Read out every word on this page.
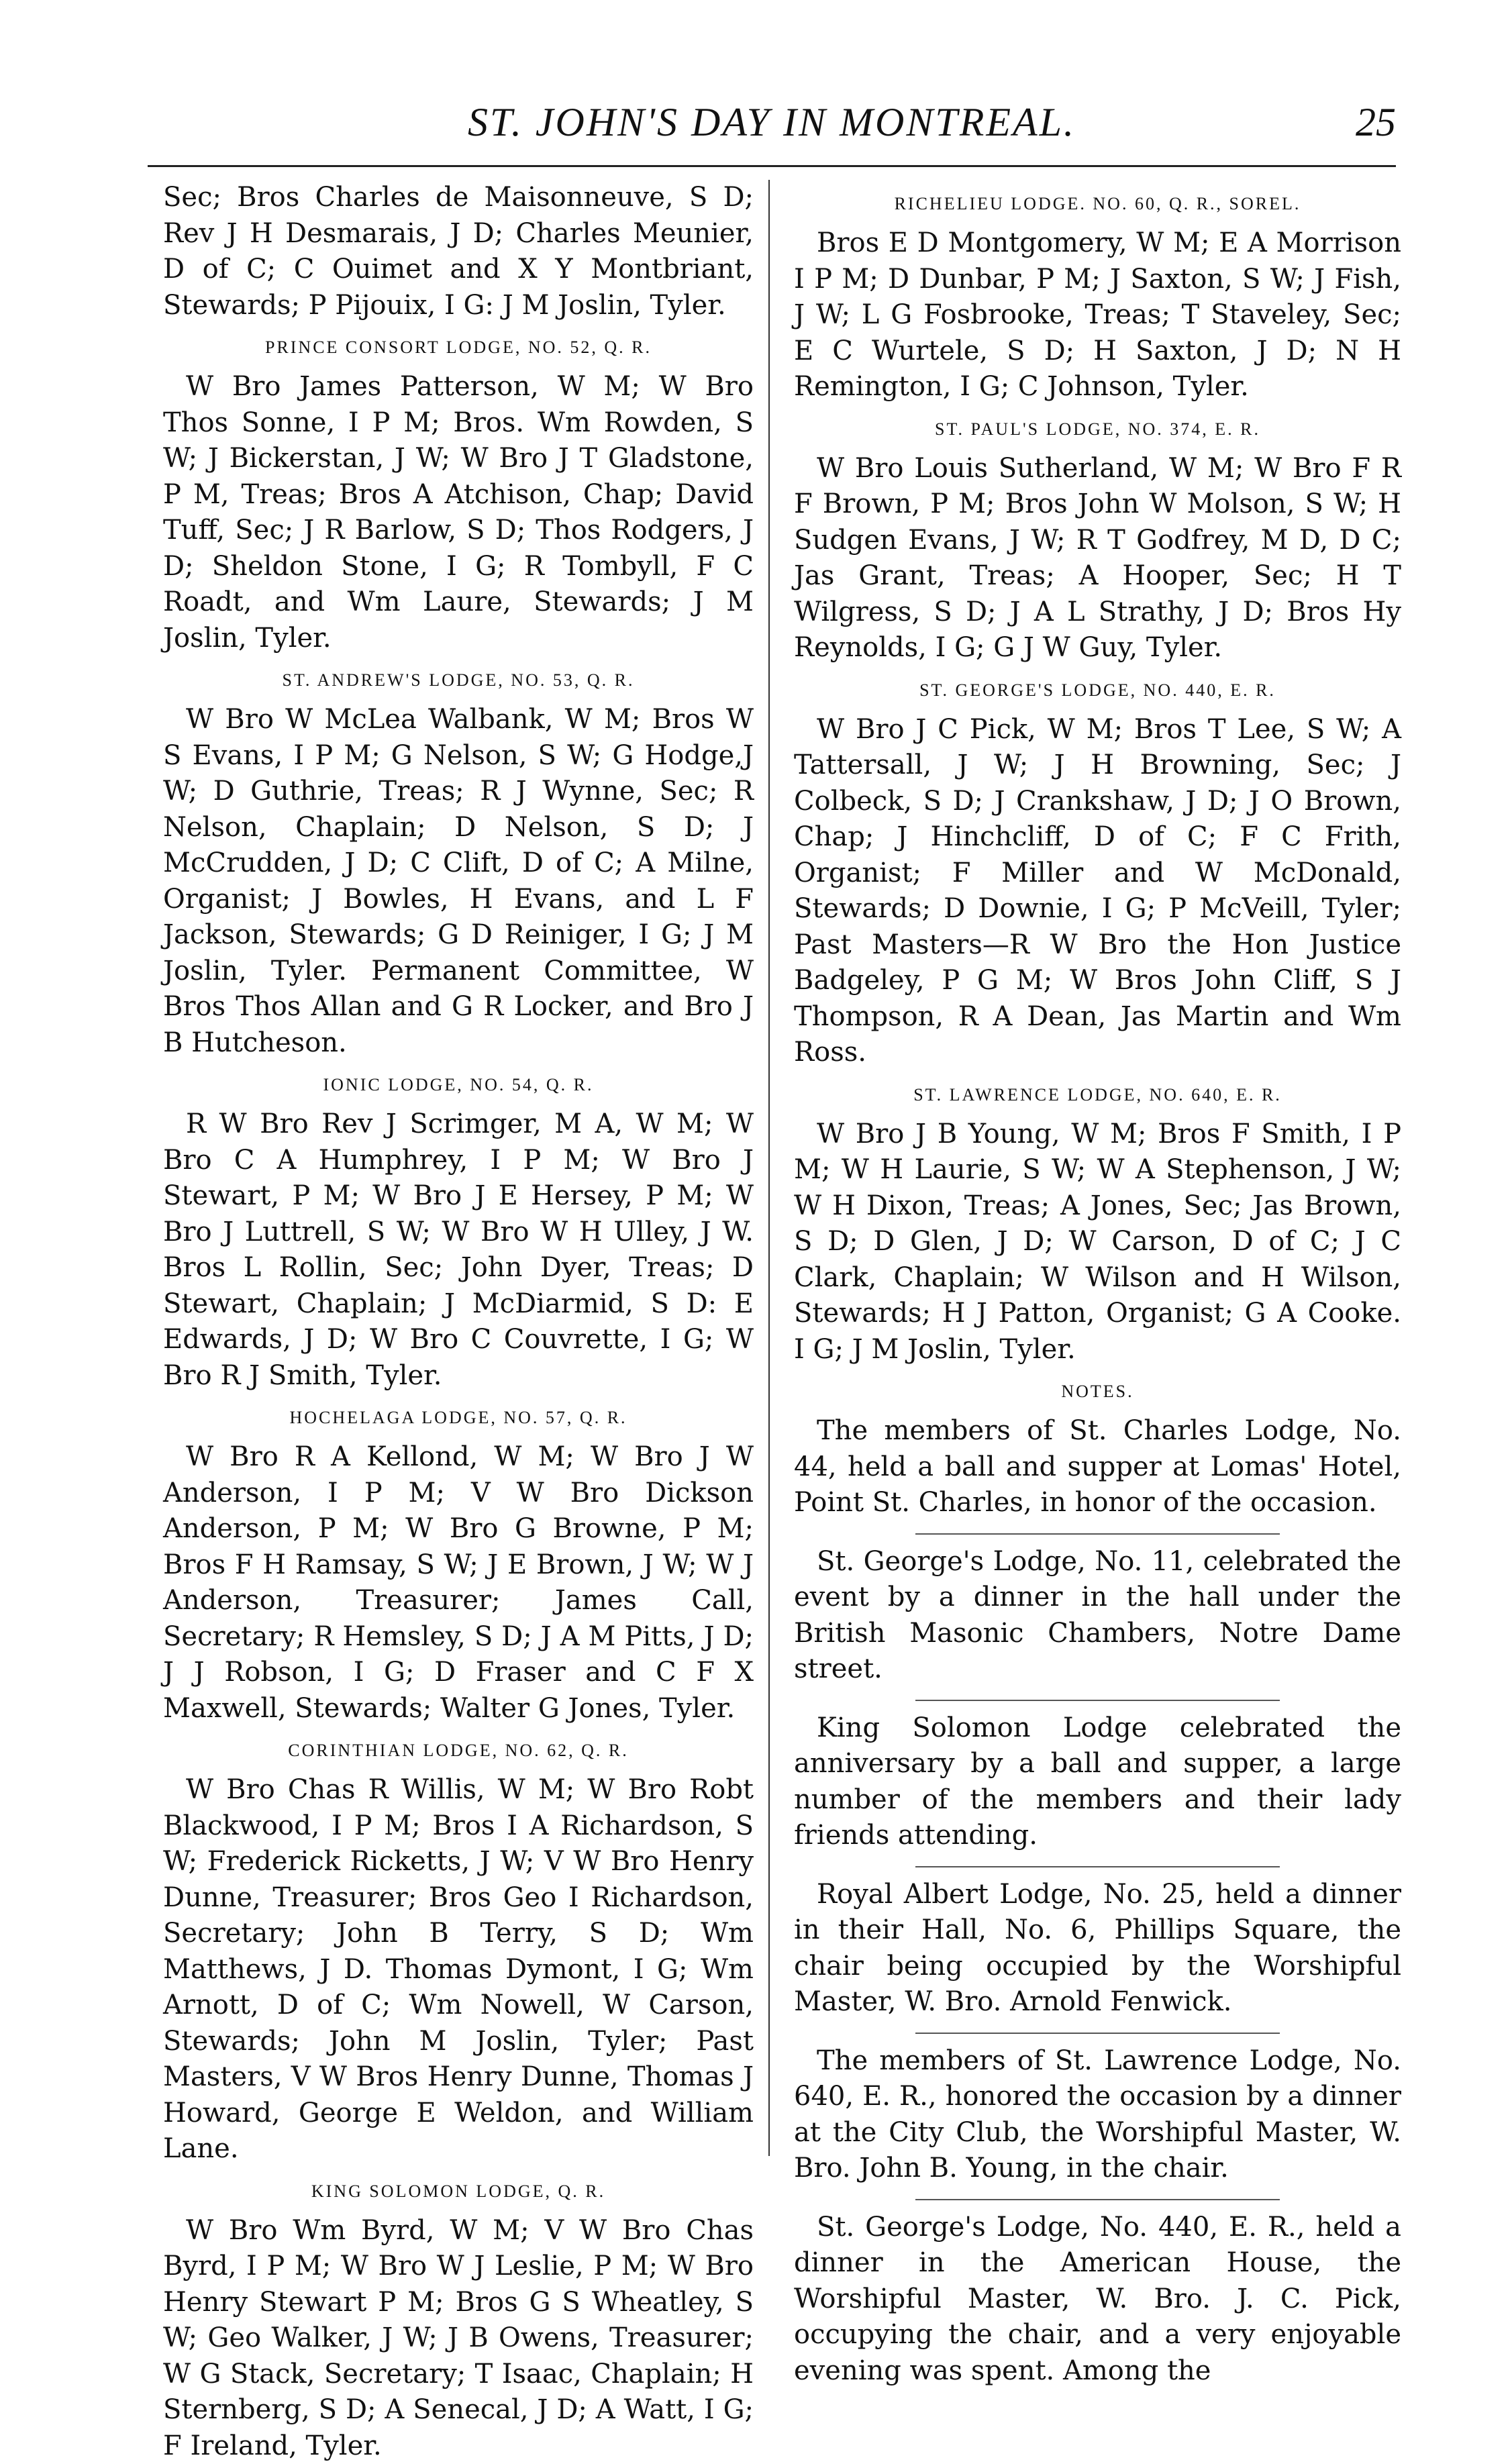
ST. JOHN'S DAY IN MONTREAL.	25

Sec; Bros Charles de Maisonneuve, S D; Rev J H Desmarais, J D; Charles Meunier, D of C; C Ouimet and X Y Montbriant, Stewards; P Pijouix, I G: J M Joslin, Tyler.

PRINCE CONSORT LODGE, NO. 52, Q. R.

W Bro James Patterson, W M; W Bro Thos Sonne, I P M; Bros. Wm Rowden, S W; J Bickerstan, J W; W Bro J T Gladstone, P M, Treas; Bros A Atchison, Chap; David Tuff, Sec; J R Barlow, S D; Thos Rodgers, J D; Sheldon Stone, I G; R Tombyll, F C Roadt, and Wm Laure, Stewards; J M Joslin, Tyler.

ST. ANDREW'S LODGE, NO. 53, Q. R.

W Bro W McLea Walbank, W M; Bros W S Evans, I P M; G Nelson, S W; G Hodge,J W; D Guthrie, Treas; R J Wynne, Sec; R Nelson, Chaplain; D Nelson, S D; J McCrudden, J D; C Clift, D of C; A Milne, Organist; J Bowles, H Evans, and L F Jackson, Stewards; G D Reiniger, I G; J M Joslin, Tyler. Permanent Committee, W Bros Thos Allan and G R Locker, and Bro J B Hutcheson.

IONIC LODGE, NO. 54, Q. R.

R W Bro Rev J Scrimger, M A, W M; W Bro C A Humphrey, I P M; W Bro J Stewart, P M; W Bro J E Hersey, P M; W Bro J Luttrell, S W; W Bro W H Ulley, J W. Bros L Rollin, Sec; John Dyer, Treas; D Stewart, Chaplain; J McDiarmid, S D: E Edwards, J D; W Bro C Couvrette, I G; W Bro R J Smith, Tyler.

HOCHELAGA LODGE, NO. 57, Q. R.

W Bro R A Kellond, W M; W Bro J W Anderson, I P M; V W Bro Dickson Anderson, P M; W Bro G Browne, P M; Bros F H Ramsay, S W; J E Brown, J W; W J Anderson, Treasurer; James Call, Secretary; R Hemsley, S D; J A M Pitts, J D; J J Robson, I G; D Fraser and C F X Maxwell, Stewards; Walter G Jones, Tyler.

CORINTHIAN LODGE, NO. 62, Q. R.

W Bro Chas R Willis, W M; W Bro Robt Blackwood, I P M; Bros I A Richardson, S W; Frederick Ricketts, J W; V W Bro Henry Dunne, Treasurer; Bros Geo I Richardson, Secretary; John B Terry, S D; Wm Matthews, J D. Thomas Dymont, I G; Wm Arnott, D of C; Wm Nowell, W Carson, Stewards; John M Joslin, Tyler; Past Masters, V W Bros Henry Dunne, Thomas J Howard, George E Weldon, and William Lane.

KING SOLOMON LODGE, Q. R.

W Bro Wm Byrd, W M; V W Bro Chas Byrd, I P M; W Bro W J Leslie, P M; W Bro Henry Stewart P M; Bros G S Wheatley, S W; Geo Walker, J W; J B Owens, Treasurer; W G Stack, Secretary; T Isaac, Chaplain; H Sternberg, S D; A Senecal, J D; A Watt, I G; F Ireland, Tyler.

RICHELIEU LODGE. NO. 60, Q. R., SOREL.

Bros E D Montgomery, W M; E A Morrison I P M; D Dunbar, P M; J Saxton, S W; J Fish, J W; L G Fosbrooke, Treas; T Staveley, Sec; E C Wurtele, S D; H Saxton, J D; N H Remington, I G; C Johnson, Tyler.

ST. PAUL'S LODGE, NO. 374, E. R.

W Bro Louis Sutherland, W M; W Bro F R F Brown, P M; Bros John W Molson, S W; H Sudgen Evans, J W; R T Godfrey, M D, D C; Jas Grant, Treas; A Hooper, Sec; H T Wilgress, S D; J A L Strathy, J D; Bros Hy Reynolds, I G; G J W Guy, Tyler.

ST. GEORGE'S LODGE, NO. 440, E. R.

W Bro J C Pick, W M; Bros T Lee, S W; A Tattersall, J W; J H Browning, Sec; J Colbeck, S D; J Crankshaw, J D; J O Brown, Chap; J Hinchcliff, D of C; F C Frith, Organist; F Miller and W McDonald, Stewards; D Downie, I G; P McVeill, Tyler; Past Masters—R W Bro the Hon Justice Badgeley, P G M; W Bros John Cliff, S J Thompson, R A Dean, Jas Martin and Wm Ross.

ST. LAWRENCE LODGE, NO. 640, E. R.

W Bro J B Young, W M; Bros F Smith, I P M; W H Laurie, S W; W A Stephenson, J W; W H Dixon, Treas; A Jones, Sec; Jas Brown, S D; D Glen, J D; W Carson, D of C; J C Clark, Chaplain; W Wilson and H Wilson, Stewards; H J Patton, Organist; G A Cooke. I G; J M Joslin, Tyler.

NOTES.

The members of St. Charles Lodge, No. 44, held a ball and supper at Lomas' Hotel, Point St. Charles, in honor of the occasion.

St. George's Lodge, No. 11, celebrated the event by a dinner in the hall under the British Masonic Chambers, Notre Dame street.

King Solomon Lodge celebrated the anniversary by a ball and supper, a large number of the members and their lady friends attending.

Royal Albert Lodge, No. 25, held a dinner in their Hall, No. 6, Phillips Square, the chair being occupied by the Worshipful Master, W. Bro. Arnold Fenwick.

The members of St. Lawrence Lodge, No. 640, E. R., honored the occasion by a dinner at the City Club, the Worshipful Master, W. Bro. John B. Young, in the chair.

St. George's Lodge, No. 440, E. R., held a dinner in the American House, the Worshipful Master, W. Bro. J. C. Pick, occupying the chair, and a very enjoyable evening was spent. Among the
